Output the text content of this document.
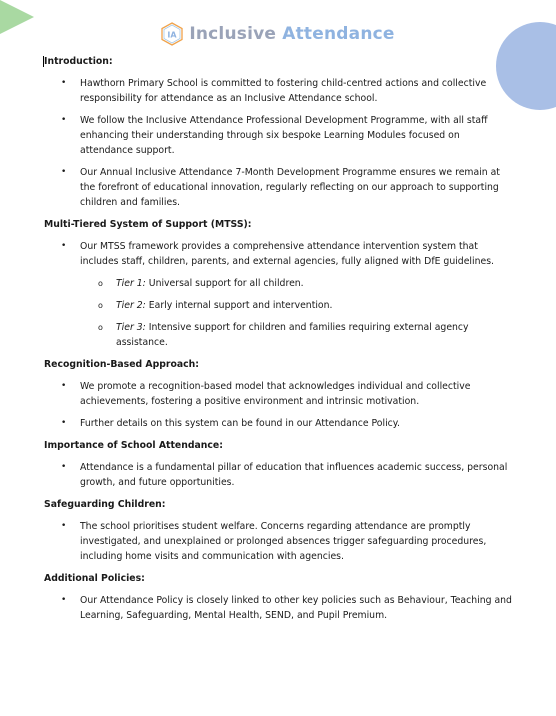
IA Inclusive Attendance
Introduction:
• Hawthorn Primary School is committed to fostering child-centred actions and collective responsibility for attendance as an Inclusive Attendance school.
• We follow the Inclusive Attendance Professional Development Programme, with all staff enhancing their understanding through six bespoke Learning Modules focused on attendance support.
• Our Annual Inclusive Attendance 7-Month Development Programme ensures we remain at the forefront of educational innovation, regularly reflecting on our approach to supporting children and families.
Multi-Tiered System of Support (MTSS):
• Our MTSS framework provides a comprehensive attendance intervention system that includes staff, children, parents, and external agencies, fully aligned with DfE guidelines.
o Tier 1: Universal support for all children.
o Tier 2: Early internal support and intervention.
o Tier 3: Intensive support for children and families requiring external agency assistance.
Recognition-Based Approach:
• We promote a recognition-based model that acknowledges individual and collective achievements, fostering a positive environment and intrinsic motivation.
• Further details on this system can be found in our Attendance Policy.
Importance of School Attendance:
• Attendance is a fundamental pillar of education that influences academic success, personal growth, and future opportunities.
Safeguarding Children:
• The school prioritises student welfare. Concerns regarding attendance are promptly investigated, and unexplained or prolonged absences trigger safeguarding procedures, including home visits and communication with agencies.
Additional Policies:
• Our Attendance Policy is closely linked to other key policies such as Behaviour, Teaching and Learning, Safeguarding, Mental Health, SEND, and Pupil Premium.
